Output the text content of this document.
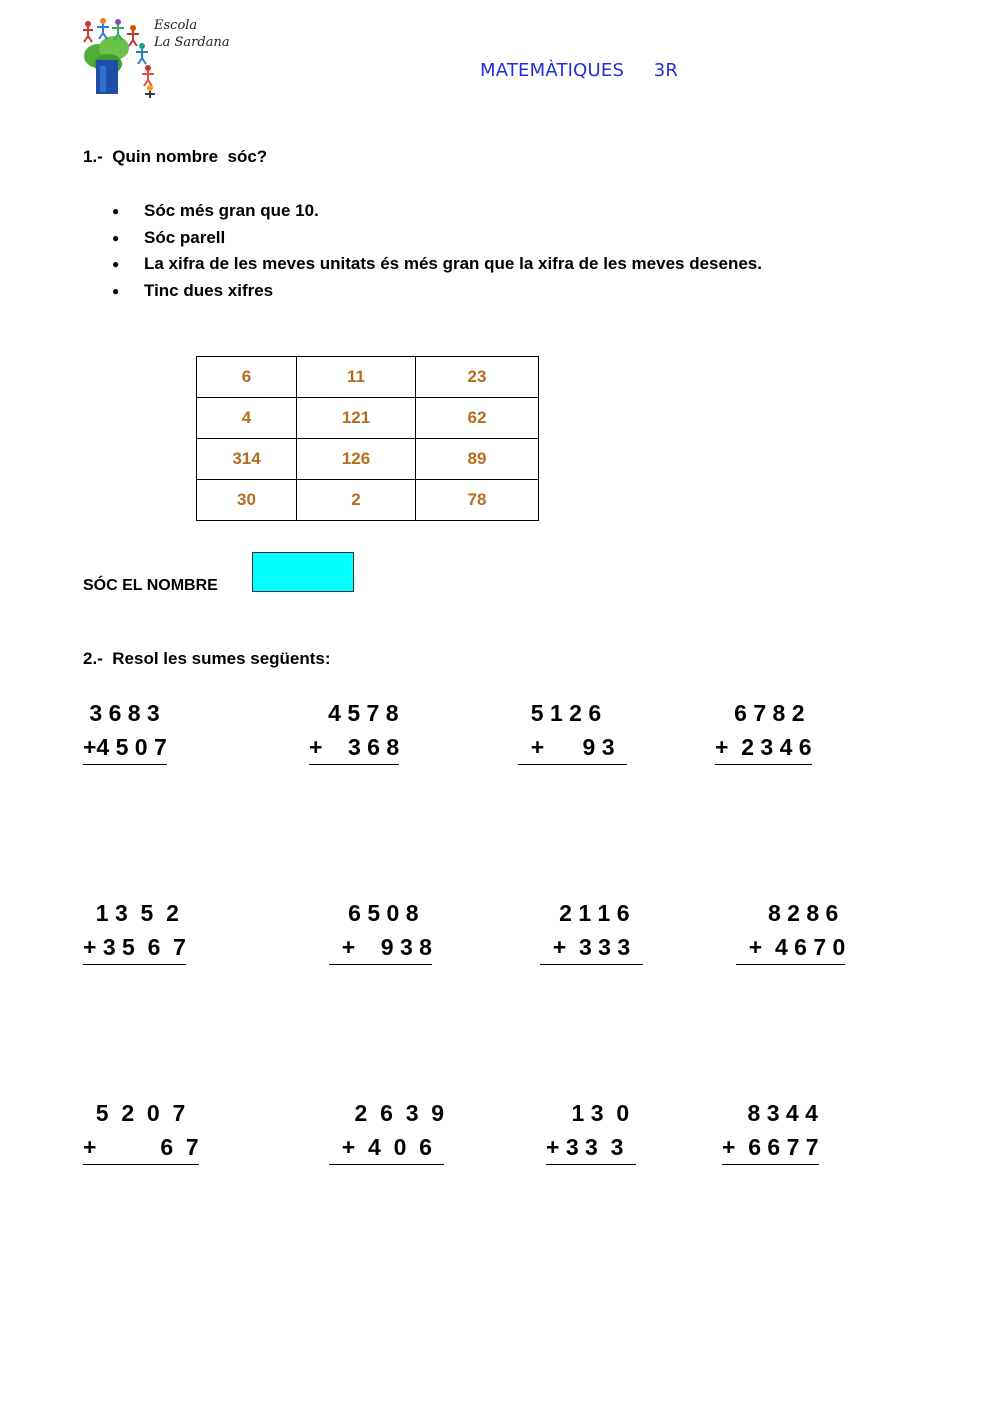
Escola
La Sardana
MATEMÀTIQUES     3R
1.-  Quin nombre  sóc?
● Sóc més gran que 10.
● Sóc parell
● La xifra de les meves unitats és més gran que la xifra de les meves desenes.
● Tinc dues xifres
6	11	23
4	121	62
314	126	89
30	2	78
SÓC EL NOMBRE
2.-  Resol les sumes següents:
3 6 8 3
+4 5 0 7
4 5 7 8
+    3 6 8
5 1 2 6
+      9 3
6 7 8 2
+  2 3 4 6
1 3  5  2
+ 3 5  6  7
6 5 0 8
+    9 3 8
2 1 1 6
+  3 3 3
8 2 8 6
+  4 6 7 0
5  2  0  7
+          6  7
2  6  3  9
+  4  0  6
1 3  0
+ 3 3  3
8 3 4 4
+  6 6 7 7
